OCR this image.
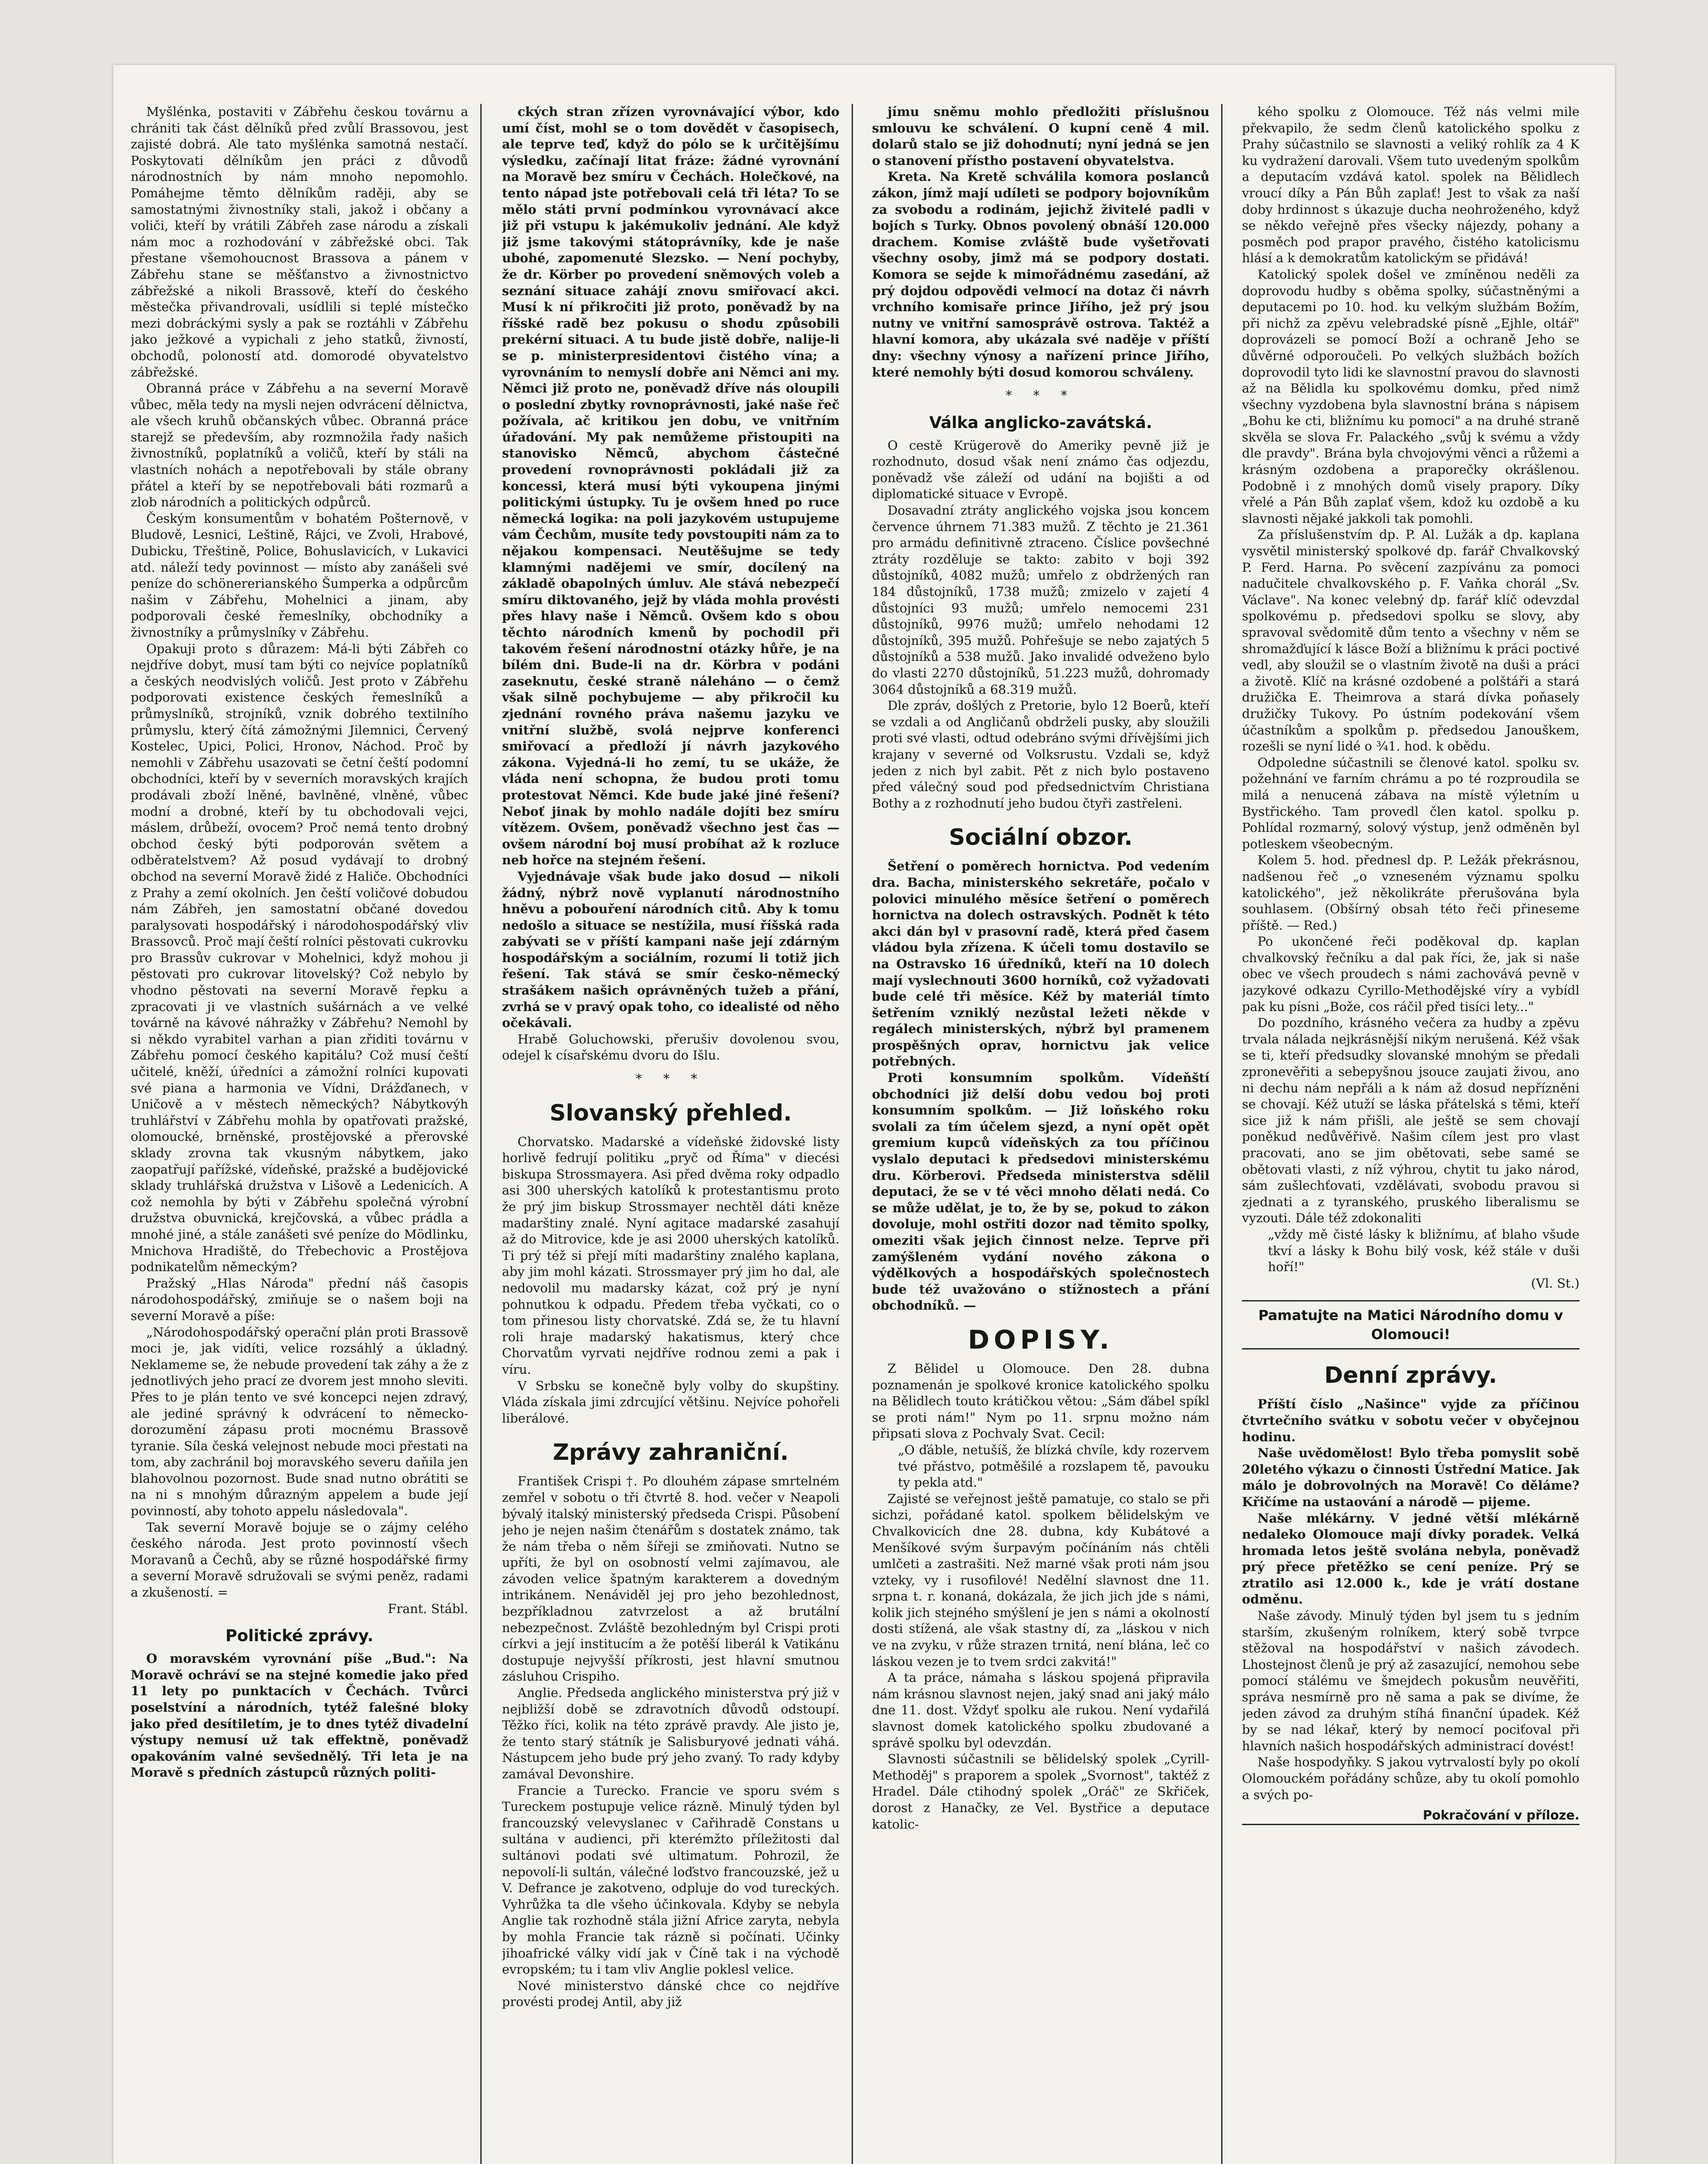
Myšlénka, postaviti v Zábřehu českou továrnu a chrániti tak část dělníků před zvůlí Brassovou, jest zajisté dobrá. Ale tato myšlénka samotná nestačí. Poskytovati dělníkům jen práci z důvodů národnostních by nám mnoho nepomohlo. Pomáhejme těmto dělníkům raději, aby se samostatnými živnostníky stali, jakož i občany a voliči, kteří by vrátili Zábřeh zase národu a získali nám moc a rozhodování v zábřežské obci. Tak přestane všemohoucnost Brassova a pánem v Zábřehu stane se měšťanstvo a živnostnictvo zábřežské a nikoli Brassově, kteří do českého městečka přivandrovali, usídlili si teplé místečko mezi dobráckými sysly a pak se roztáhli v Zábřehu jako ježkové a vypichali z jeho statků, živností, obchodů, poloností atd. domorodé obyvatelstvo zábřežské.

Obranná práce v Zábřehu a na severní Moravě vůbec, měla tedy na mysli nejen odvrácení dělnictva, ale všech kruhů občanských vůbec. Obranná práce starejž se především, aby rozmnožila řady našich živnostníků, poplatníků a voličů, kteří by stáli na vlastních nohách a nepotřebovali by stále obrany přátel a kteří by se nepotřebovali báti rozmarů a zlob národních a politických odpůrců.

Českým konsumentům v bohatém Pošternově, v Bludově, Lesnici, Leštině, Rájci, ve Zvoli, Hrabové, Dubicku, Třeštině, Police, Bohuslavicích, v Lukavici atd. náleží tedy povinnost — místo aby zanášeli své peníze do schönererianského Šumperka a odpůrcům našim v Zábřehu, Mohelnici a jinam, aby podporovali české řemeslníky, obchodníky a živnostníky a průmyslníky v Zábřehu.

Opakuji proto s důrazem: Má-li býti Zábřeh co nejdříve dobyt, musí tam býti co nejvíce poplatníků a českých neodvislých voličů. Jest proto v Zábřehu podporovati existence českých řemeslníků a průmyslníků, strojníků, vznik dobrého textilního průmyslu, který čítá zámožnými Jilemnici, Červený Kostelec, Upici, Polici, Hronov, Náchod. Proč by nemohli v Zábřehu usazovati se četní čeští podomní obchodníci, kteří by v severních moravských krajích prodávali zboží lněné, bavlněné, vlněné, vůbec modní a drobné, kteří by tu obchodovali vejci, máslem, drůbeží, ovocem? Proč nemá tento drobný obchod český býti podporován světem a odběratelstvem? Až posud vydávají to drobný obchod na severní Moravě židé z Haliče. Obchodníci z Prahy a zemí okolních. Jen čeští voličové dobudou nám Zábřeh, jen samostatní občané dovedou paralysovati hospodářský i národohospodářský vliv Brassovců. Proč mají čeští rolníci pěstovati cukrovku pro Brassův cukrovar v Mohelnici, když mohou ji pěstovati pro cukrovar litovelský? Což nebylo by vhodno pěstovati na severní Moravě řepku a zpracovati ji ve vlastních sušárnách a ve velké továrně na kávové náhražky v Zábřehu? Nemohl by si někdo vyrabitel varhan a pian zřiditi továrnu v Zábřehu pomocí českého kapitálu? Což musí čeští učitelé, kněží, úředníci a zámožní rolníci kupovati své piana a harmonia ve Vídni, Drážďanech, v Uničově a v městech německých? Nábytkovýh truhlářství v Zábřehu mohla by opatřovati pražské, olomoucké, brněnské, prostějovské a přerovské sklady zrovna tak vkusným nábytkem, jako zaopatřují pařížské, vídeňské, pražské a budějovické sklady truhlářská družstva v Lišově a Ledenicích. A což nemohla by býti v Zábřehu společná výrobní družstva obuvnická, krejčovská, a vůbec prádla a mnohé jiné, a stále zanášeti své peníze do Mödlinku, Mnichova Hradiště, do Třebechovic a Prostějova podnikatelům německým?

Pražský „Hlas Národa" přední náš časopis národohospodářský, zmiňuje se o našem boji na severní Moravě a píše:

„Národohospodářský operační plán proti Brassově moci je, jak vidíti, velice rozsáhlý a úkladný. Neklameme se, že nebude provedení tak záhy a že z jednotlivých jeho prací ze dvorem jest mnoho sleviti. Přes to je plán tento ve své koncepci nejen zdravý, ale jediné správný k odvrácení to německo-dorozumění zápasu proti mocnému Brassově tyranie. Síla česká velejnost nebude moci přestati na tom, aby zachránil boj moravského severu daňila jen blahovolnou pozornost. Bude snad nutno obrátiti se na ni s mnohým důrazným appelem a bude její povinností, aby tohoto appelu následovala".

Tak severní Moravě bojuje se o zájmy celého českého národa. Jest proto povinností všech Moravanů a Čechů, aby se různé hospodářské firmy a severní Moravě sdružovali se svými peněz, radami a zkušeností. =

Frant. Stábl.

Politické zprávy.

O moravském vyrovnání píše „Bud.": Na Moravě ochráví se na stejné komedie jako před 11 lety po punktacích v Čechách. Tvůrci poselstvíní a národních, tytéž falešné bloky jako před desítiletím, je to dnes tytéž divadelní výstupy nemusí už tak effektně, poněvadž opakováním valné sevšednělý. Tři leta je na Moravě s předních zástupců různých politi-

ckých stran zřízen vyrovnávající výbor, kdo umí číst, mohl se o tom dovědět v časopisech, ale teprve teď, když do pólo se k určitějšímu výsledku, začínají litat fráze: žádné vyrovnání na Moravě bez smíru v Čechách. Holečkové, na tento nápad jste potřebovali celá tři léta? To se mělo státi první podmínkou vyrovnávací akce již při vstupu k jakémukoliv jednání. Ale když již jsme takovými státoprávníky, kde je naše ubohé, zapomenuté Slezsko. — Není pochyby, že dr. Körber po provedení sněmových voleb a seznání situace zahájí znovu smiřovací akci. Musí k ní přikročiti již proto, poněvadž by na říšské radě bez pokusu o shodu způsobili prekérní situaci. A tu bude jistě dobře, nalije-li se p. ministerpresidentovi čistého vína; a vyrovnáním to nemyslí dobře ani Němci ani my. Němci již proto ne, poněvadž dříve nás oloupili o poslední zbytky rovnoprávnosti, jaké naše řeč požívala, ač kritikou jen dobu, ve vnitřním úřadování. My pak nemůžeme přistoupiti na stanovisko Němců, abychom částečné provedení rovnoprávnosti pokládali již za koncessi, která musí býti vykoupena jinými politickými ústupky. Tu je ovšem hned po ruce německá logika: na poli jazykovém ustupujeme vám Čechům, musíte tedy povstoupiti nám za to nějakou kompensaci. Neutěšujme se tedy klamnými nadějemi ve smír, docílený na základě obapolných úmluv. Ale stává nebezpečí smíru diktovaného, jejž by vláda mohla provésti přes hlavy naše i Němců. Ovšem kdo s obou těchto národních kmenů by pochodil při takovém řešení národnostní otázky hůře, je na bílém dni. Bude-li na dr. Körbra v podáni zaseknutu, české straně náleháno — o čemž však silně pochybujeme — aby přikročil ku zjednání rovného práva našemu jazyku ve vnitřní službě, svolá nejprve konferenci smiřovací a předloží jí návrh jazykového zákona. Vyjedná-li ho zemí, tu se ukáže, že vláda není schopna, že budou proti tomu protestovat Němci. Kde bude jaké jiné řešení? Neboť jinak by mohlo nadále dojíti bez smíru vítězem. Ovšem, poněvadž všechno jest čas — ovšem národní boj musí probíhat až k rozluce neb hořce na stejném řešení.

Vyjednávaje však bude jako dosud — nikoli žádný, nýbrž nově vyplanutí národnostního hněvu a pobouření národních citů. Aby k tomu nedošlo a situace se nestížila, musí říšská rada zabývati se v příští kampani naše její zdárným hospodářským a sociálním, rozumí li totiž jich řešení. Tak stává se smír česko-německý strašákem našich oprávněných tužeb a přání, zvrhá se v pravý opak toho, co idealisté od něho očekávali.

Hrabě Goluchowski, přerušiv dovolenou svou, odejel k císařskému dvoru do Išlu.

* * *
Slovanský přehled.

Chorvatsko. Madarské a vídeňské židovské listy horlivě fedrují politiku „pryč od Říma" v diecési biskupa Strossmayera. Asi před dvěma roky odpadlo asi 300 uherských katolíků k protestantismu proto že prý jim biskup Strossmayer nechtěl dáti kněze madarštiny znalé. Nyní agitace madarské zasahují až do Mitrovice, kde je asi 2000 uherských katolíků. Ti prý též si přejí míti madarštiny znalého kaplana, aby jim mohl kázati. Strossmayer prý jim ho dal, ale nedovolil mu madarsky kázat, což prý je nyní pohnutkou k odpadu. Předem třeba vyčkati, co o tom přinesou listy chorvatské. Zdá se, že tu hlavní roli hraje madarský hakatismus, který chce Chorvatům vyrvati nejdříve rodnou zemi a pak i víru.

V Srbsku se konečně byly volby do skupštiny. Vláda získala jimi zdrcující většinu. Nejvíce pohořeli liberálové.

Zprávy zahraniční.

František Crispi †. Po dlouhém zápase smrtelném zemřel v sobotu o tři čtvrtě 8. hod. večer v Neapoli bývalý italský ministerský předseda Crispi. Působení jeho je nejen našim čtenářům s dostatek známo, tak že nám třeba o něm šířeji se zmiňovati. Nutno se upříti, že byl on osobností velmi zajímavou, ale závoden velice špatným karakterem a dovedným intrikánem. Nenáviděl jej pro jeho bezohlednost, bezpříkladnou zatvrzelost a až brutální nebezpečnost. Zvláště bezohledným byl Crispi proti církvi a její institucím a že potěší liberál k Vatikánu dostupuje nejvyšší příkrosti, jest hlavní smutnou zásluhou Crispiho.

Anglie. Předseda anglického ministerstva prý již v nejbližší době se zdravotních důvodů odstoupí. Těžko říci, kolik na této zprávě pravdy. Ale jisto je, že tento starý státník je Salisburyové jednati váhá. Nástupcem jeho bude prý jeho zvaný. To rady kdyby zamával Devonshire.

Francie a Turecko. Francie ve sporu svém s Tureckem postupuje velice rázně. Minulý týden byl francouzský velevyslanec v Cařihradě Constans u sultána v audienci, při kterémžto příležitosti dal sultánovi podati své ultimatum. Pohrozil, že nepovolí-li sultán, válečné loďstvo francouzské, jež u V. Defrance je zakotveno, odpluje do vod tureckých. Vyhrůžka ta dle všeho účinkovala. Kdyby se nebyla Anglie tak rozhodně stála jižní Africe zaryta, nebyla by mohla Francie tak rázně si počínati. Učinky jihoafrické války vidí jak v Číně tak i na východě evropském; tu i tam vliv Anglie poklesl velice.

Nové ministerstvo dánské chce co nejdříve provésti prodej Antil, aby již

jímu sněmu mohlo předložiti příslušnou smlouvu ke schválení. O kupní ceně 4 mil. dolarů stalo se již dohodnutí; nyní jedná se jen o stanovení přístho postavení obyvatelstva.

Kreta. Na Kretě schválila komora poslanců zákon, jímž mají udíleti se podpory bojovníkům za svobodu a rodinám, jejichž živitelé padli v bojích s Turky. Obnos povolený obnáší 120.000 drachem. Komise zvláště bude vyšetřovati všechny osoby, jimž má se podpory dostati. Komora se sejde k mimořádnému zasedání, až prý dojdou odpovědi velmocí na dotaz či návrh vrchního komisaře prince Jiřího, jež prý jsou nutny ve vnitřní samosprávě ostrova. Taktéž a hlavní komora, aby ukázala své naděje v příští dny: všechny výnosy a nařízení prince Jiřího, které nemohly býti dosud komorou schváleny.

* * *
Válka anglicko-zavátská.

O cestě Krügerově do Ameriky pevně již je rozhodnuto, dosud však není známo čas odjezdu, poněvadž vše záleží od udání na bojišti a od diplomatické situace v Evropě.

Dosavadní ztráty anglického vojska jsou koncem července úhrnem 71.383 mužů. Z těchto je 21.361 pro armádu definitivně ztraceno. Číslice povšechné ztráty rozděluje se takto: zabito v boji 392 důstojníků, 4082 mužů; umřelo z obdržených ran 184 důstojníků, 1738 mužů; zmizelo v zajetí 4 důstojníci 93 mužů; umřelo nemocemi 231 důstojníků, 9976 mužů; umřelo nehodami 12 důstojníků, 395 mužů. Pohřešuje se nebo zajatých 5 důstojníků a 538 mužů. Jako invalidé odveženo bylo do vlasti 2270 důstojníků, 51.223 mužů, dohromady 3064 důstojníků a 68.319 mužů.

Dle zpráv, došlých z Pretorie, bylo 12 Boerů, kteří se vzdali a od Angličanů obdrželi pusky, aby sloužili proti své vlasti, odtud odebráno svými dřívějšími jich krajany v severné od Volksrustu. Vzdali se, když jeden z nich byl zabit. Pět z nich bylo postaveno před válečný soud pod předsednictvím Christiana Bothy a z rozhodnutí jeho budou čtyři zastřeleni.

Sociální obzor.

Šetření o poměrech hornictva. Pod vedením dra. Bacha, ministerského sekretáře, počalo v polovici minulého měsíce šetření o poměrech hornictva na dolech ostravských. Podnět k této akci dán byl v prasovní radě, která před časem vládou byla zřízena. K účeli tomu dostavilo se na Ostravsko 16 úředníků, kteří na 10 dolech mají vyslechnouti 3600 horníků, což vyžadovati bude celé tři měsíce. Kéž by materiál tímto šetřením vzniklý nezůstal ležeti někde v regálech ministerských, nýbrž byl pramenem prospěšných oprav, hornictvu jak velice potřebných.

Proti konsumním spolkům. Vídeňští obchodníci již delší dobu vedou boj proti konsumním spolkům. — Již loňského roku svolali za tím účelem sjezd, a nyní opět opět gremium kupců vídeňských za tou příčinou vyslalo deputaci k předsedovi ministerskému dru. Körberovi. Předseda ministerstva sdělil deputaci, že se v té věci mnoho dělati nedá. Co se může udělat, je to, že by se, pokud to zákon dovoluje, mohl ostřiti dozor nad těmito spolky, omeziti však jejich činnost nelze. Teprve při zamýšleném vydání nového zákona o výdělkových a hospodářských společnostech bude též uvažováno o stížnostech a přání obchodníků. —

DOPISY.

Z Bělidel u Olomouce. Den 28. dubna poznamenán je spolkové kronice katolického spolku na Bělidlech touto krátičkou větou: „Sám ďábel spíkl se proti nám!" Nym po 11. srpnu možno nám připsati slova z Pochvaly Svat. Cecil:

„O ďáble, netušíš, že blízká chvíle, kdy rozervem tvé přástvo, potměšilé a rozslapem tě, pavouku ty pekla atd."

Zajisté se veřejnost ještě pamatuje, co stalo se při sichzi, pořádané katol. spolkem bělidelským ve Chvalkovicích dne 28. dubna, kdy Kubátové a Menšíkové svým šurpavým počínáním nás chtěli umlčeti a zastrašiti. Než marné však proti nám jsou vzteky, vy i rusofilové! Nedělní slavnost dne 11. srpna t. r. konaná, dokázala, že jich jich jde s námi, kolik jich stejného smýšlení je jen s námi a okolností dosti stížená, ale však stastny dí, za „láskou v nich ve na zvyku, v růže strazen trnitá, není blána, leč co láskou vezen je to tvem srdci zakvitá!"

A ta práce, námaha s láskou spojená připravila nám krásnou slavnost nejen, jaký snad ani jaký málo dne 11. dost. Vždyť spolku ale rukou. Není vydařilá slavnost domek katolického spolku zbudované a správě spolku byl odevzdán.

Slavnosti súčastnili se bělidelský spolek „Cyrill-Methoděj" s praporem a spolek „Svornost", taktéž z Hradel. Dále ctihodný spolek „Oráč" ze Skřiček, dorost z Hanačky, ze Vel. Bystřice a deputace katolic-

kého spolku z Olomouce. Též nás velmi mile překvapilo, že sedm členů katolického spolku z Prahy súčastnilo se slavnosti a veliký rohlík za 4 K ku vydražení darovali. Všem tuto uvedeným spolkům a deputacím vzdává katol. spolek na Bělidlech vroucí díky a Pán Bůh zaplať! Jest to však za naší doby hrdinnost s úkazuje ducha neohroženého, když se někdo veřejně přes všecky nájezdy, pohany a posměch pod prapor pravého, čistého katolicismu hlásí a k demokratům katolickým se přidává!

Katolický spolek došel ve zmíněnou neděli za doprovodu hudby s oběma spolky, súčastněnými a deputacemi po 10. hod. ku velkým službám Božím, při nichž za zpěvu velebradské písně „Ejhle, oltář" doprovázeli se pomocí Boží a ochraně Jeho se důvěrné odporoučeli. Po velkých službách božích doprovodil tyto lidi ke slavnostní pravou do slavnosti až na Bělidla ku spolkovému domku, před nimž všechny vyzdobena byla slavnostní brána s nápisem „Bohu ke cti, bližnímu ku pomoci" a na druhé straně skvěla se slova Fr. Palackého „svůj k svému a vždy dle pravdy". Brána byla chvojovými věnci a růžemi a krásným ozdobena a praporečky okrášlenou. Podobně i z mnohých domů visely prapory. Díky vřelé a Pán Bůh zaplať všem, kdož ku ozdobě a ku slavnosti nějaké jakkoli tak pomohli.

Za příslušenstvím dp. P. Al. Lužák a dp. kaplana vysvětil ministerský spolkové dp. farář Chvalkovský P. Ferd. Harna. Po svěcení zazpívánu za pomoci nadučitele chvalkovského p. F. Vaňka chorál „Sv. Václave". Na konec velebný dp. farář klíč odevzdal spolkovému p. předsedovi spolku se slovy, aby spravoval svědomitě dům tento a všechny v něm se shromažďující k lásce Boží a bližnímu k práci poctivé vedl, aby sloužil se o vlastním životě na duši a práci a životě. Klíč na krásné ozdobené a polštáři a stará družička E. Theimrova a stará dívka poňasely družičky Tukovy. Po ústním podekování všem účastníkům a spolkům p. předsedou Janouškem, rozešli se nyní lidé o ¾1. hod. k obědu.

Odpoledne súčastnili se členové katol. spolku sv. požehnání ve farním chrámu a po té rozproudila se milá a nenucená zábava na místě výletním u Bystřického. Tam provedl člen katol. spolku p. Pohlídal rozmarný, solový výstup, jenž odměněn byl potleskem všeobecným.

Kolem 5. hod. přednesl dp. P. Ležák překrásnou, nadšenou řeč „o vzneseném významu spolku katolického", jež několikráte přerušována byla souhlasem. (Obšírný obsah této řeči přineseme příště. — Red.)

Po ukončené řeči poděkoval dp. kaplan chvalkovský řečníku a dal pak říci, že, jak si naše obec ve všech proudech s námi zachovává pevně v jazykové odkazu Cyrillo-Methodějské víry a vybídl pak ku písni „Bože, cos ráčil před tisíci lety..."

Do pozdního, krásného večera za hudby a zpěvu trvala nálada nejkrásnější nikým nerušená. Kéž však se ti, kteří předsudky slovanské mnohým se předali zpronevěřiti a sebepyšnou jsouce zaujati živou, ano ni dechu nám nepřáli a k nám až dosud nepřízněni se chovají. Kéž utuží se láska přátelská s těmi, kteří sice již k nám přišli, ale ještě se sem chovají poněkud nedůvěřivě. Našim cílem jest pro vlast pracovati, ano se jim obětovati, sebe samé se obětovati vlasti, z níž výhrou, chytit tu jako národ, sám zušlechťovati, vzdělávati, svobodu pravou si zjednati a z tyranského, pruského liberalismu se vyzouti. Dále též zdokonaliti

„vždy mě čisté lásky k bližnímu, ať blaho všude tkví a lásky k Bohu bilý vosk, kéž stále v duši hoří!"

(Vl. St.)

Pamatujte na Matici Národního domu v Olomouci!
Denní zprávy.

Příští číslo „Našince" vyjde za příčinou čtvrtečního svátku v sobotu večer v obyčejnou hodinu.

Naše uvědomělost! Bylo třeba pomyslit sobě 20letého výkazu o činnosti Ústřední Matice. Jak málo je dobrovolných na Moravě! Co děláme? Křičíme na ustaování a národě — pijeme.

Naše mlékárny. V jedné větší mlékárně nedaleko Olomouce mají dívky poradek. Velká hromada letos ještě svolána nebyla, poněvadž prý přece přetěžko se cení peníze. Prý se ztratilo asi 12.000 k., kde je vrátí dostane odměnu.

Naše závody. Minulý týden byl jsem tu s jedním starším, zkušeným rolníkem, který sobě tvrpce stěžoval na hospodářství v našich závodech. Lhostejnost členů je prý až zasazující, nemohou sebe pomocí stálému ve šmejdech pokusům neuvěřiti, správa nesmírně pro ně sama a pak se divíme, že jeden závod za druhým stíhá finanční úpadek. Kéž by se nad lékař, který by nemocí pociťoval při hlavních našich hospodářských administrací dovést!

Naše hospodyňky. S jakou vytrvalostí byly po okolí Olomouckém pořádány schůze, aby tu okolí pomohlo a svých po-

Pokračování v příloze.
